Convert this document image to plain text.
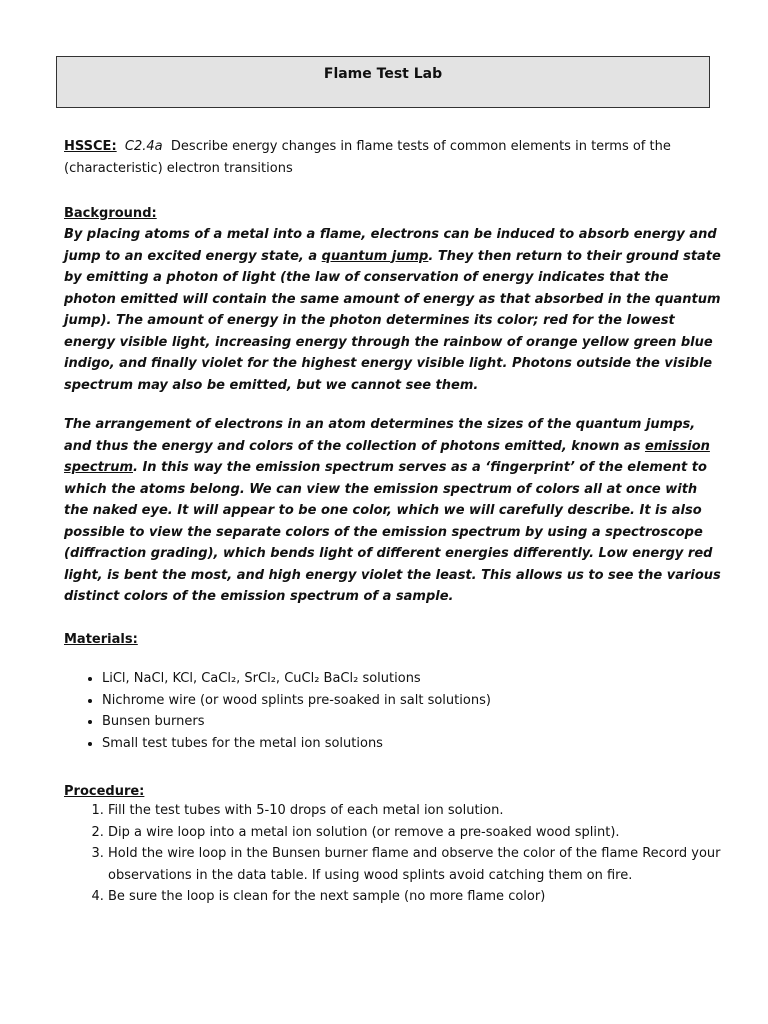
Flame Test Lab
HSSCE: C2.4a Describe energy changes in flame tests of common elements in terms of the (characteristic) electron transitions
Background:
By placing atoms of a metal into a flame, electrons can be induced to absorb energy and jump to an excited energy state, a quantum jump. They then return to their ground state by emitting a photon of light (the law of conservation of energy indicates that the photon emitted will contain the same amount of energy as that absorbed in the quantum jump). The amount of energy in the photon determines its color; red for the lowest energy visible light, increasing energy through the rainbow of orange yellow green blue indigo, and finally violet for the highest energy visible light. Photons outside the visible spectrum may also be emitted, but we cannot see them.
The arrangement of electrons in an atom determines the sizes of the quantum jumps, and thus the energy and colors of the collection of photons emitted, known as emission spectrum. In this way the emission spectrum serves as a ‘fingerprint’ of the element to which the atoms belong. We can view the emission spectrum of colors all at once with the naked eye. It will appear to be one color, which we will carefully describe. It is also possible to view the separate colors of the emission spectrum by using a spectroscope (diffraction grading), which bends light of different energies differently. Low energy red light, is bent the most, and high energy violet the least. This allows us to see the various distinct colors of the emission spectrum of a sample.
Materials:
• LiCl, NaCl, KCl, CaCl₂, SrCl₂, CuCl₂ BaCl₂ solutions
• Nichrome wire (or wood splints pre-soaked in salt solutions)
• Bunsen burners
• Small test tubes for the metal ion solutions
Procedure:
1. Fill the test tubes with 5-10 drops of each metal ion solution.
2. Dip a wire loop into a metal ion solution (or remove a pre-soaked wood splint).
3. Hold the wire loop in the Bunsen burner flame and observe the color of the flame Record your observations in the data table. If using wood splints avoid catching them on fire.
4. Be sure the loop is clean for the next sample (no more flame color)
